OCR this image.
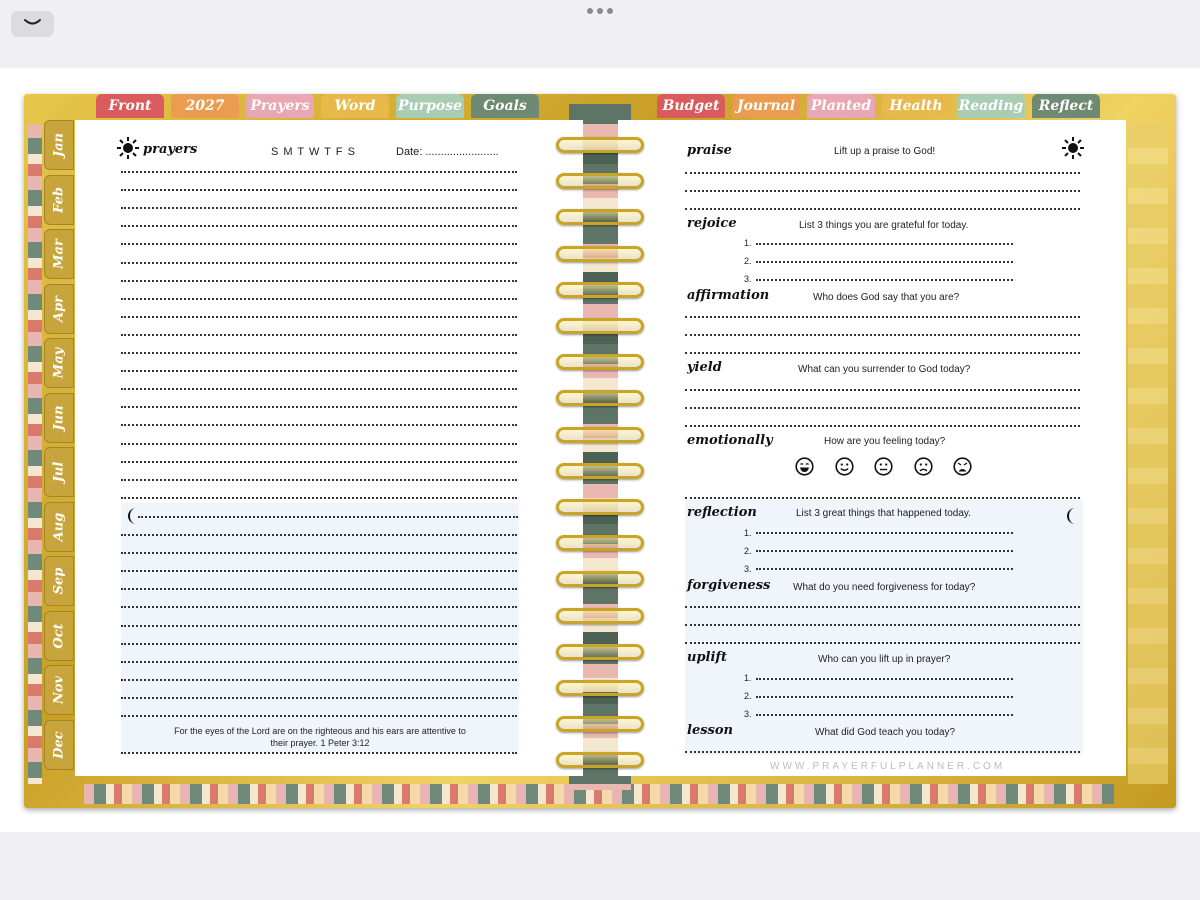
Front	2027	Prayers	Word	Purpose	Goals	Budget	Journal	Planted	Health	Reading	Reflect
Jan
Feb
Mar
Apr
May
Jun
Jul
Aug
Sep
Oct
Nov
Dec
prayers	S M T W T F S	Date: ........................
For the eyes of the Lord are on the righteous and his ears are attentive to
their prayer. 1 Peter 3:12
praise	Lift up a praise to God!
rejoice	List 3 things you are grateful for today.
affirmation	Who does God say that you are?
yield	What can you surrender to God today?
emotionally	How are you feeling today?
reflection	List 3 great things that happened today.
forgiveness What do you need forgiveness for today?
uplift	Who can you lift up in prayer?
lesson	What did God teach you today?
1.
2.
3.
1.
2.
3.
1.
2.
3.
WWW.PRAYERFULPLANNER.COM
